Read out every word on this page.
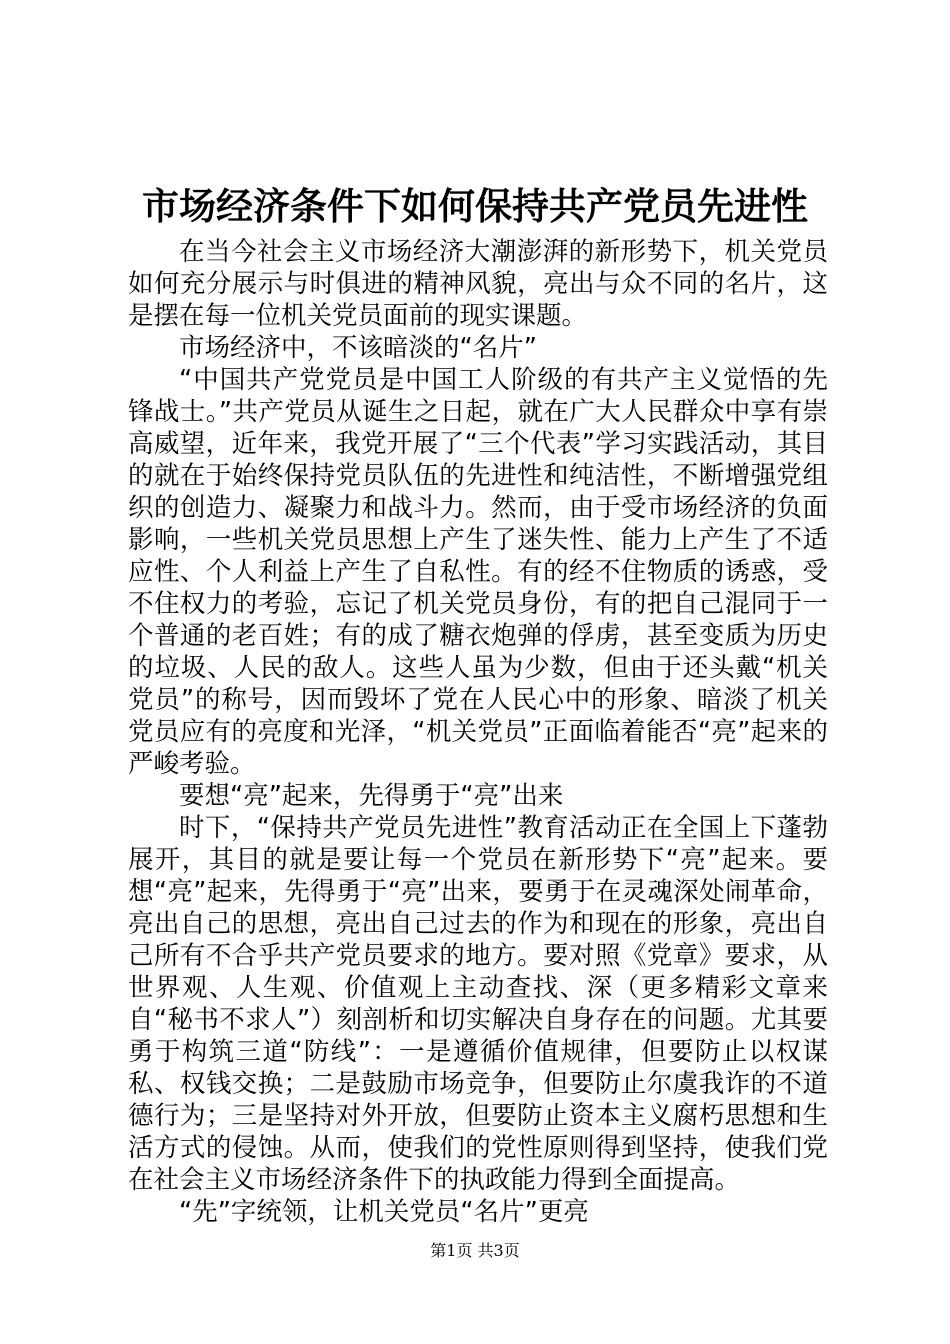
市场经济条件下如何保持共产党员先进性

在当今社会主义市场经济大潮澎湃的新形势下，机关党员如何充分展示与时俱进的精神风貌，亮出与众不同的名片，这是摆在每一位机关党员面前的现实课题。

市场经济中，不该暗淡的“名片”

“中国共产党党员是中国工人阶级的有共产主义觉悟的先锋战士。”共产党员从诞生之日起，就在广大人民群众中享有崇高威望，近年来，我党开展了“三个代表”学习实践活动，其目的就在于始终保持党员队伍的先进性和纯洁性，不断增强党组织的创造力、凝聚力和战斗力。然而，由于受市场经济的负面影响，一些机关党员思想上产生了迷失性、能力上产生了不适应性、个人利益上产生了自私性。有的经不住物质的诱惑，受不住权力的考验，忘记了机关党员身份，有的把自己混同于一个普通的老百姓；有的成了糖衣炮弹的俘虏，甚至变质为历史的垃圾、人民的敌人。这些人虽为少数，但由于还头戴“机关党员”的称号，因而毁坏了党在人民心中的形象、暗淡了机关党员应有的亮度和光泽，“机关党员”正面临着能否“亮”起来的严峻考验。

要想“亮”起来，先得勇于“亮”出来

时下，“保持共产党员先进性”教育活动正在全国上下蓬勃展开，其目的就是要让每一个党员在新形势下“亮”起来。要想“亮”起来，先得勇于“亮”出来，要勇于在灵魂深处闹革命，亮出自己的思想，亮出自己过去的作为和现在的形象，亮出自己所有不合乎共产党员要求的地方。要对照《党章》要求，从世界观、人生观、价值观上主动查找、深（更多精彩文章来自“秘书不求人”）刻剖析和切实解决自身存在的问题。尤其要勇于构筑三道“防线”：一是遵循价值规律，但要防止以权谋私、权钱交换；二是鼓励市场竞争，但要防止尔虞我诈的不道德行为；三是坚持对外开放，但要防止资本主义腐朽思想和生活方式的侵蚀。从而，使我们的党性原则得到坚持，使我们党在社会主义市场经济条件下的执政能力得到全面提高。

“先”字统领，让机关党员“名片”更亮

第1页 共3页
